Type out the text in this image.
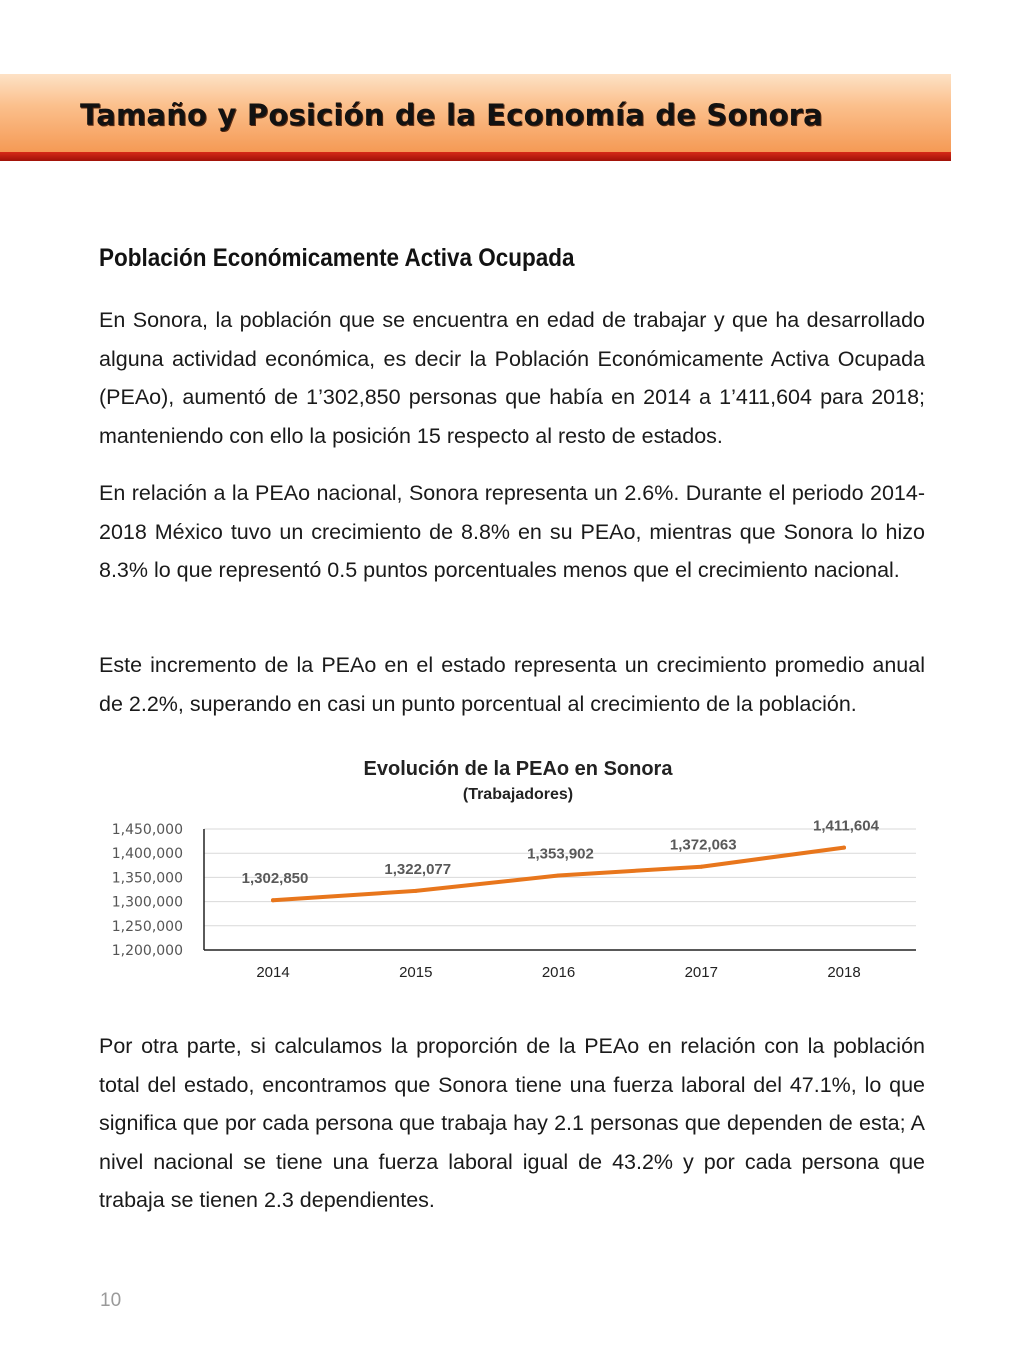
Tamaño y Posición de la Economía de Sonora
Población Económicamente Activa Ocupada

En Sonora, la población que se encuentra en edad de trabajar y que ha desarrollado alguna actividad económica, es decir la Población Económicamente Activa Ocupada (PEAo), aumentó de 1’302,850 personas que había en 2014 a 1’411,604 para 2018; manteniendo con ello la posición 15 respecto al resto de estados.

En relación a la PEAo nacional, Sonora representa un 2.6%. Durante el periodo 2014-2018 México tuvo un crecimiento de 8.8% en su PEAo, mientras que Sonora lo hizo 8.3% lo que representó 0.5 puntos porcentuales menos que el crecimiento nacional.

Este incremento de la PEAo en el estado representa un crecimiento promedio anual de 2.2%, superando en casi un punto porcentual al crecimiento de la población.

Evolución de la PEAo en Sonora
(Trabajadores)
1,200,000
1,250,000
1,300,000
1,350,000
1,400,000
1,450,000
1,302,850
1,322,077
1,353,902
1,372,063
1,411,604
2014	2015	2016	2017	2018

Por otra parte, si calculamos la proporción de la PEAo en relación con la población total del estado, encontramos que Sonora tiene una fuerza laboral del 47.1%, lo que significa que por cada persona que trabaja hay 2.1 personas que dependen de esta; A nivel nacional se tiene una fuerza laboral igual de 43.2% y por cada persona que trabaja se tienen 2.3 dependientes.

10
